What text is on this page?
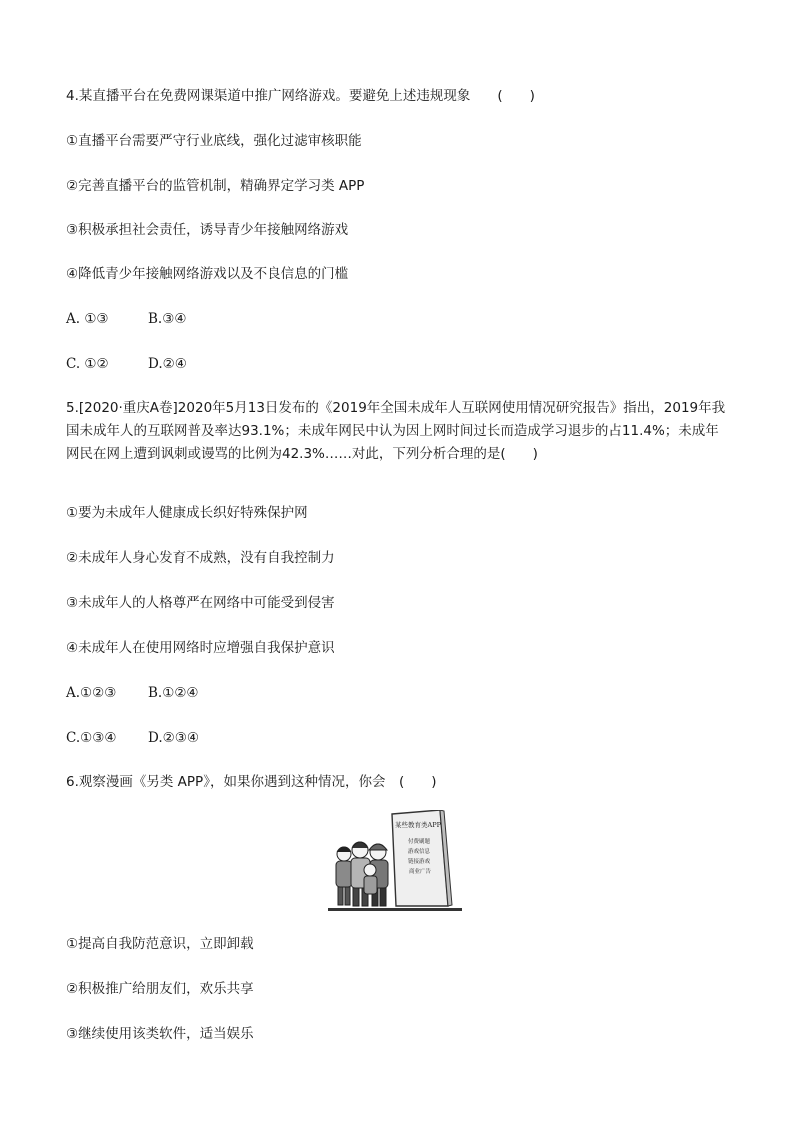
4.某直播平台在免费网课渠道中推广网络游戏。要避免上述违规现象　　(　　)
①直播平台需要严守行业底线，强化过滤审核职能
②完善直播平台的监管机制，精确界定学习类 APP
③积极承担社会责任，诱导青少年接触网络游戏
④降低青少年接触网络游戏以及不良信息的门槛
A. ①③	B.③④
C. ①②	D.②④
5.[2020·重庆A卷]2020年5月13日发布的《2019年全国未成年人互联网使用情况研究报告》指出，2019年我国未成年人的互联网普及率达93.1%；未成年网民中认为因上网时间过长而造成学习退步的占11.4%；未成年网民在网上遭到讽刺或谩骂的比例为42.3%……对此，下列分析合理的是(　　)
①要为未成年人健康成长织好特殊保护网
②未成年人身心发育不成熟，没有自我控制力
③未成年人的人格尊严在网络中可能受到侵害
④未成年人在使用网络时应增强自我保护意识
A.①②③ B.①②④
C.①③④ D.②③④
6.观察漫画《另类 APP》，如果你遇到这种情况，你会　(　　)
某些教育类APP
付费刷题
游戏信息
链接游戏
商业广告
①提高自我防范意识，立即卸载
②积极推广给朋友们，欢乐共享
③继续使用该类软件，适当娱乐
